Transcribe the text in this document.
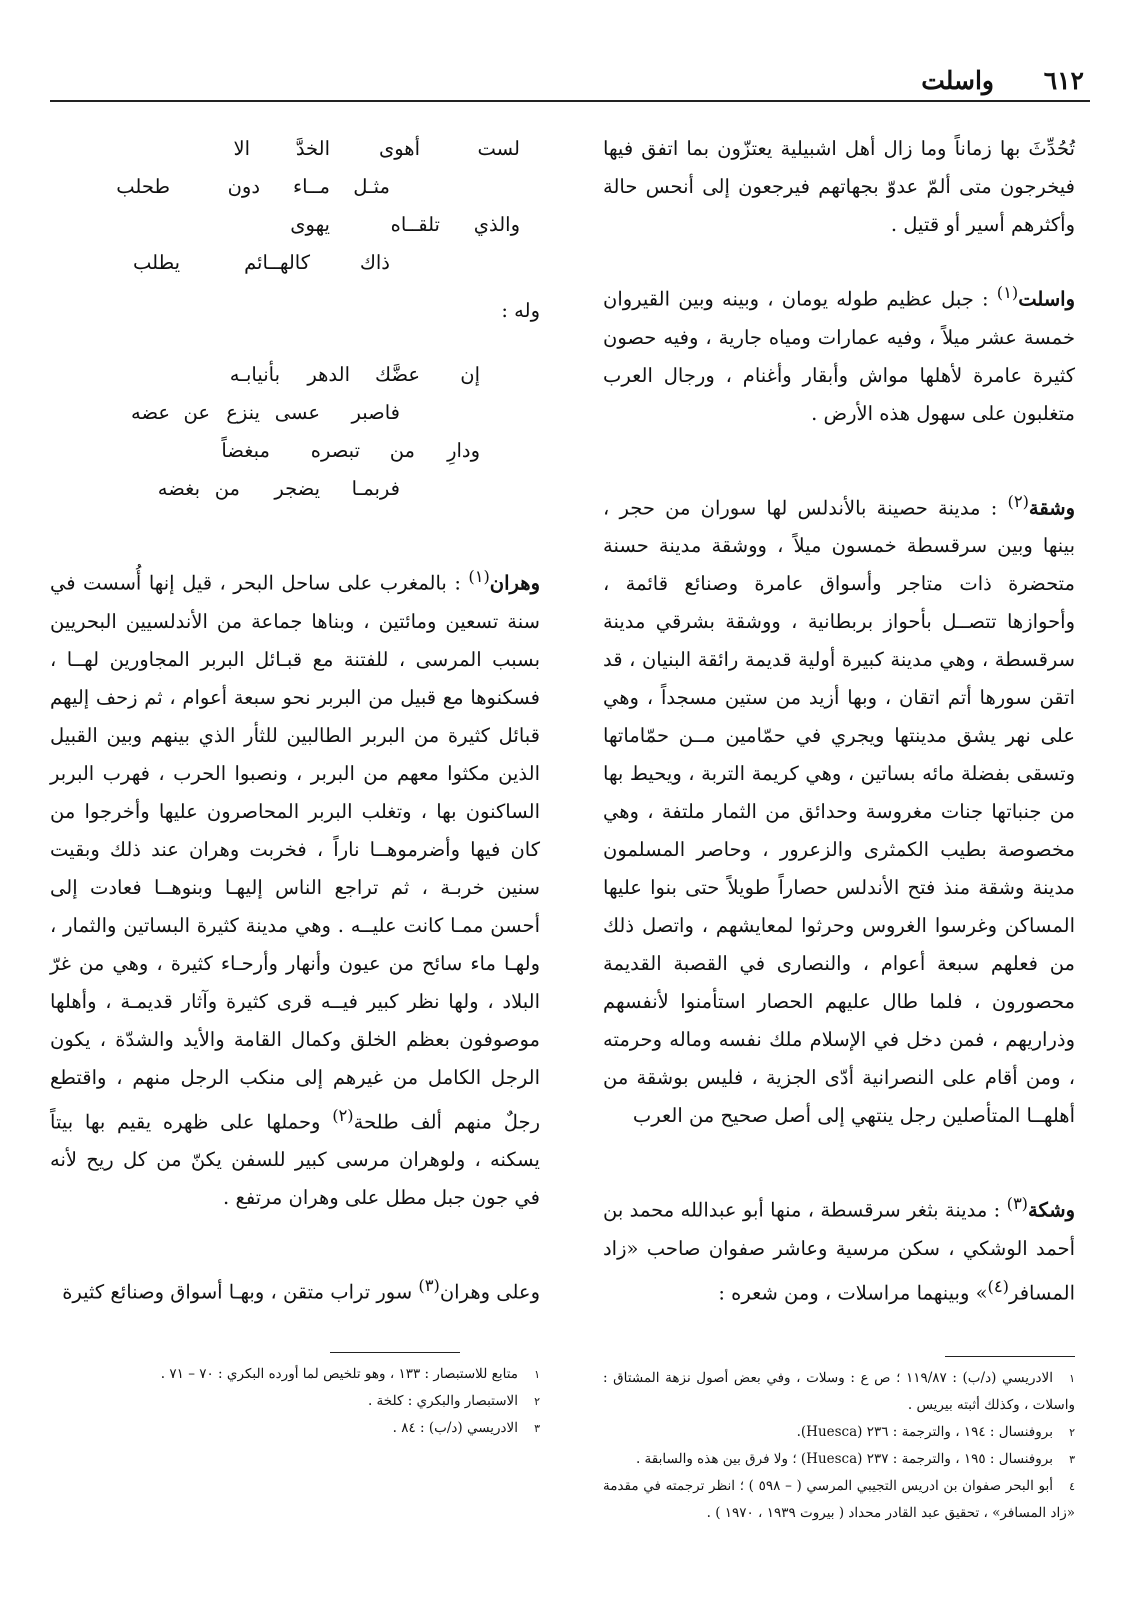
٦١٢
واسلت

تُحُدِّثَ بها زماناً وما زال أهل اشبيلية يعتزّون بما اتفق فيها فيخرجون متى ألمّ عدوّ بجهاتهم فيرجعون إلى أنحس حالة وأكثرهم أسير أو قتيل .

واسلت$^{(١)}$ : جبل عظيم طوله يومان ، وبينه وبين القيروان خمسة عشر ميلاً ، وفيه عمارات ومياه جارية ، وفيه حصون كثيرة عامرة لأهلها مواش وأبقار وأغنام ، ورجال العرب متغلبون على سهول هذه الأرض .

وشقة$^{(٢)}$ : مدينة حصينة بالأندلس لها سوران من حجر ، بينها وبين سرقسطة خمسون ميلاً ، ووشقة مدينة حسنة متحضرة ذات متاجر وأسواق عامرة وصنائع قائمة ، وأحوازها تتصــل بأحواز بربطانية ، ووشقة بشرقي مدينة سرقسطة ، وهي مدينة كبيرة أولية قديمة رائقة البنيان ، قد اتقن سورها أتم اتقان ، وبها أزيد من ستين مسجداً ، وهي على نهر يشق مدينتها ويجري في حمّامين مــن حمّاماتها وتسقى بفضلة مائه بساتين ، وهي كريمة التربة ، ويحيط بها من جنباتها جنات مغروسة وحدائق من الثمار ملتفة ، وهي مخصوصة بطيب الكمثرى والزعرور ، وحاصر المسلمون مدينة وشقة منذ فتح الأندلس حصاراً طويلاً حتى بنوا عليها المساكن وغرسوا الغروس وحرثوا لمعايشهم ، واتصل ذلك من فعلهم سبعة أعوام ، والنصارى في القصبة القديمة محصورون ، فلما طال عليهم الحصار استأمنوا لأنفسهم وذراريهم ، فمن دخل في الإسلام ملك نفسه وماله وحرمته ، ومن أقام على النصرانية أدّى الجزية ، فليس بوشقة من أهلهــا المتأصلين رجل ينتهي إلى أصل صحيح من العرب

وشكة$^{(٣)}$ : مدينة بثغر سرقسطة ، منها أبو عبدالله محمد بن أحمد الوشكي ، سكن مرسية وعاشر صفوان صاحب «زاد المسافر$^{(٤)}$» وبينهما مراسلات ، ومن شعره :

١الادريسي (د/ب) : ١١٩/٨٧ ؛ ص ع : وسلات ، وفي بعض أصول نزهة المشتاق : واسلات ، وكذلك أثبته بيريس .

٢بروفنسال : ١٩٤ ، والترجمة : ٢٣٦ (Huesca).

٣بروفنسال : ١٩٥ ، والترجمة : ٢٣٧ (Huesca) ؛ ولا فرق بين هذه والسابقة .

٤أبو البحر صفوان بن ادريس التجيبي المرسي ( – ٥٩٨ ) ؛ انظر ترجمته في مقدمة «زاد المسافر» ، تحقيق عبد القادر محداد ( بيروت ١٩٣٩ ، ١٩٧٠ ) .

لست
أهوى
الخدَّ
الا
مثـل
مــاء
دون
طحلب
والذي
تلقــاه
يهوى
ذاك
كالهــائم
يطلب

وله :

إن
عضَّك
الدهر
بأنيابـه
فاصبر
عسى
ينزع
عن
عضه
ودارِ
من
تبصره
مبغضاً
فربمـا
يضجر
من
بغضه

وهران$^{(١)}$ : بالمغرب على ساحل البحر ، قيل إنها أُسست في سنة تسعين ومائتين ، وبناها جماعة من الأندلسيين البحريين بسبب المرسى ، للفتنة مع قبـائل البربر المجاورين لهــا ، فسكنوها مع قبيل من البربر نحو سبعة أعوام ، ثم زحف إليهم قبائل كثيرة من البربر الطالبين للثأر الذي بينهم وبين القبيل الذين مكثوا معهم من البربر ، ونصبوا الحرب ، فهرب البربر الساكنون بها ، وتغلب البربر المحاصرون عليها وأخرجوا من كان فيها وأضرموهــا ناراً ، فخربت وهران عند ذلك وبقيت سنين خربـة ، ثم تراجع الناس إليهـا وبنوهــا فعادت إلى أحسن ممـا كانت عليــه . وهي مدينة كثيرة البساتين والثمار ، ولهـا ماء سائح من عيون وأنهار وأرحـاء كثيرة ، وهي من غرّ البلاد ، ولها نظر كبير فيــه قرى كثيرة وآثار قديمـة ، وأهلها موصوفون بعظم الخلق وكمال القامة والأيد والشدّة ، يكون الرجل الكامل من غيرهم إلى منكب الرجل منهم ، واقتطع رجلٌ منهم ألف طلحة$^{(٢)}$ وحملها على ظهره يقيم بها بيتاً يسكنه ، ولوهران مرسى كبير للسفن يكنّ من كل ريح لأنه في جون جبل مطل على وهران مرتفع .

وعلى وهران$^{(٣)}$ سور تراب متقن ، وبهـا أسواق وصنائع كثيرة

١متابع للاستبصار : ١٣٣ ، وهو تلخيص لما أورده البكري : ٧٠ – ٧١ .

٢الاستبصار والبكري : كلخة .

٣الادريسي (د/ب) : ٨٤ .
